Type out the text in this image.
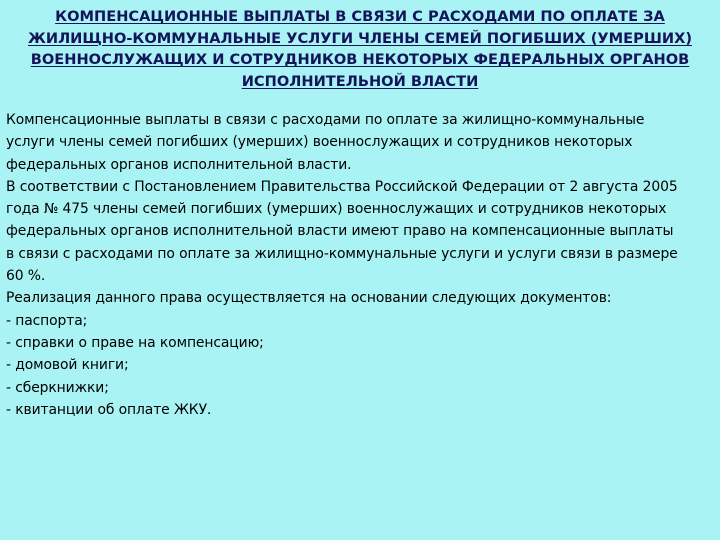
КОМПЕНСАЦИОННЫЕ ВЫПЛАТЫ В СВЯЗИ С РАСХОДАМИ ПО ОПЛАТЕ ЗА
ЖИЛИЩНО-КОММУНАЛЬНЫЕ УСЛУГИ ЧЛЕНЫ СЕМЕЙ ПОГИБШИХ (УМЕРШИХ)
ВОЕННОСЛУЖАЩИХ И СОТРУДНИКОВ НЕКОТОРЫХ ФЕДЕРАЛЬНЫХ ОРГАНОВ
ИСПОЛНИТЕЛЬНОЙ ВЛАСТИ

Компенсационные выплаты в связи с расходами по оплате за жилищно-коммунальные
услуги члены семей погибших (умерших) военнослужащих и сотрудников некоторых
федеральных органов исполнительной власти.

В соответствии с Постановлением Правительства Российской Федерации от 2 августа 2005
года № 475 члены семей погибших (умерших) военнослужащих и сотрудников некоторых
федеральных органов исполнительной власти имеют право на компенсационные выплаты
в связи с расходами по оплате за жилищно-коммунальные услуги и услуги связи в размере
60 %.

Реализация данного права осуществляется на основании следующих документов:

- паспорта;
- справки о праве на компенсацию;
- домовой книги;
- сберкнижки;
- квитанции об оплате ЖКУ.
